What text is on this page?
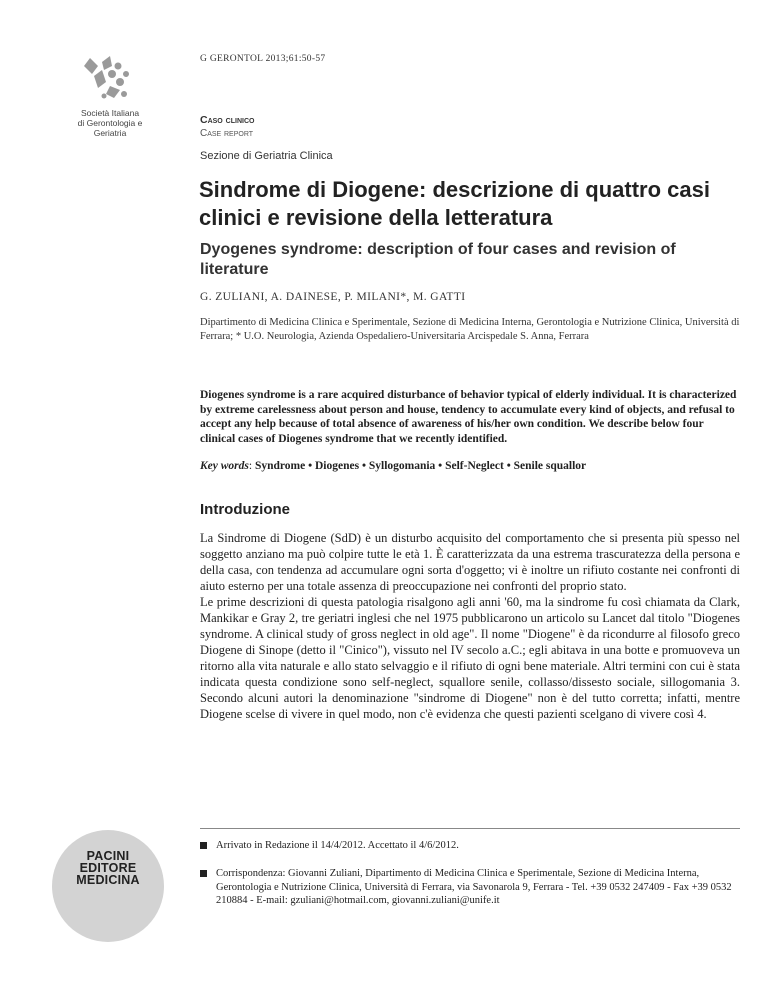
Società Italiana
di Gerontologia e
Geriatria
PACINI
EDITORE
MEDICINA
G GERONTOL 2013;61:50-57
Caso clinico
Case report
Sezione di Geriatria Clinica
Sindrome di Diogene: descrizione di quattro casi clinici e revisione della letteratura
Dyogenes syndrome: description of four cases and revision of literature
G. ZULIANI, A. DAINESE, P. MILANI*, M. GATTI
Dipartimento di Medicina Clinica e Sperimentale, Sezione di Medicina Interna, Gerontologia e Nutrizione Clinica, Università di Ferrara; * U.O. Neurologia, Azienda Ospedaliero-Universitaria Arcispedale S. Anna, Ferrara
Diogenes syndrome is a rare acquired disturbance of behavior typical of elderly individual. It is characterized by extreme carelessness about person and house, tendency to accumulate every kind of objects, and refusal to accept any help because of total absence of awareness of his/her own condition. We describe below four clinical cases of Diogenes syndrome that we recently identified.
Key words: Syndrome • Diogenes • Syllogomania • Self-Neglect • Senile squallor
Introduzione

La Sindrome di Diogene (SdD) è un disturbo acquisito del comportamento che si presenta più spesso nel soggetto anziano ma può colpire tutte le età 1. È caratterizzata da una estrema trascuratezza della persona e della casa, con tendenza ad accumulare ogni sorta d'oggetto; vi è inoltre un rifiuto costante nei confronti di aiuto esterno per una totale assenza di preoccupazione nei confronti del proprio stato.

Le prime descrizioni di questa patologia risalgono agli anni '60, ma la sindrome fu così chiamata da Clark, Mankikar e Gray 2, tre geriatri inglesi che nel 1975 pubblicarono un articolo su Lancet dal titolo "Diogenes syndrome. A clinical study of gross neglect in old age". Il nome "Diogene" è da ricondurre al filosofo greco Diogene di Sinope (detto il "Cinico"), vissuto nel IV secolo a.C.; egli abitava in una botte e promuoveva un ritorno alla vita naturale e allo stato selvaggio e il rifiuto di ogni bene materiale. Altri termini con cui è stata indicata questa condizione sono self-neglect, squallore senile, collasso/dissesto sociale, sillogomania 3. Secondo alcuni autori la denominazione "sindrome di Diogene" non è del tutto corretta; infatti, mentre Diogene scelse di vivere in quel modo, non c'è evidenza che questi pazienti scelgano di vivere così 4.

Arrivato in Redazione il 14/4/2012. Accettato il 4/6/2012.
Corrispondenza: Giovanni Zuliani, Dipartimento di Medicina Clinica e Sperimentale, Sezione di Medicina Interna, Gerontologia e Nutrizione Clinica, Università di Ferrara, via Savonarola 9, Ferrara - Tel. +39 0532 247409 - Fax +39 0532 210884 - E-mail: gzuliani@hotmail.com, giovanni.zuliani@unife.it
